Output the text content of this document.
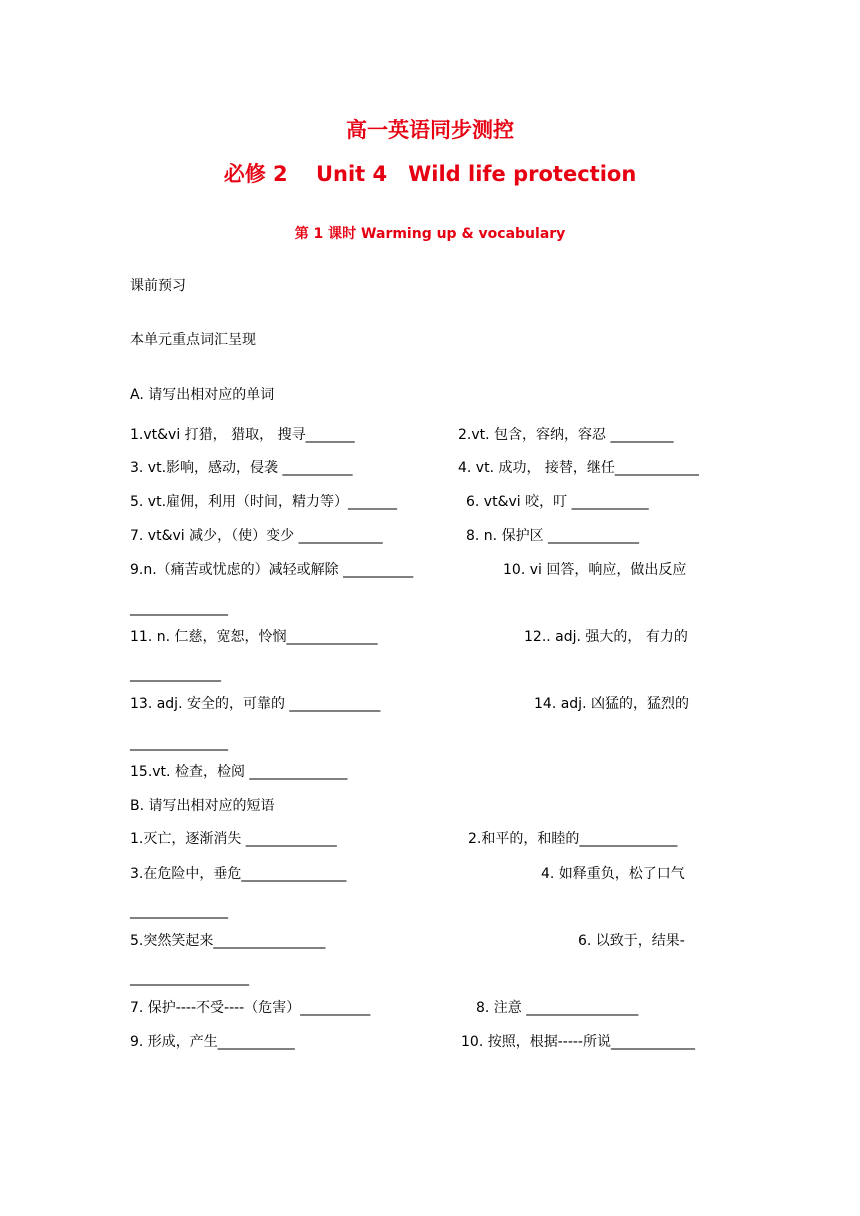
高一英语同步测控
必修 2　 Unit 4　Wild life protection
第 1 课时 Warming up & vocabulary
课前预习
本单元重点词汇呈现
A. 请写出相对应的单词
1.vt&vi 打猎， 猎取， 搜寻_______	2.vt. 包含，容纳，容忍 _________
3. vt.影响，感动，侵袭 __________	4. vt. 成功， 接替，继任____________
5. vt.雇佣，利用（时间，精力等）_______	6. vt&vi 咬，叮 ___________
7. vt&vi 减少，（使）变少 ____________	8. n. 保护区 _____________
9.n.（痛苦或忧虑的）减轻或解除 __________	10. vi 回答，响应，做出反应
______________
11. n. 仁慈，宽恕，怜悯_____________	12.. adj. 强大的， 有力的
_____________
13. adj. 安全的，可靠的 _____________	14. adj. 凶猛的，猛烈的
______________
15.vt. 检查，检阅 ______________
B. 请写出相对应的短语
1.灭亡，逐渐消失 _____________	2.和平的，和睦的______________
3.在危险中，垂危_______________	4. 如释重负，松了口气
______________
5.突然笑起来________________	6. 以致于，结果-
_________________
7. 保护----不受----（危害）__________	8. 注意 ________________
9. 形成，产生___________	10. 按照，根据-----所说____________
